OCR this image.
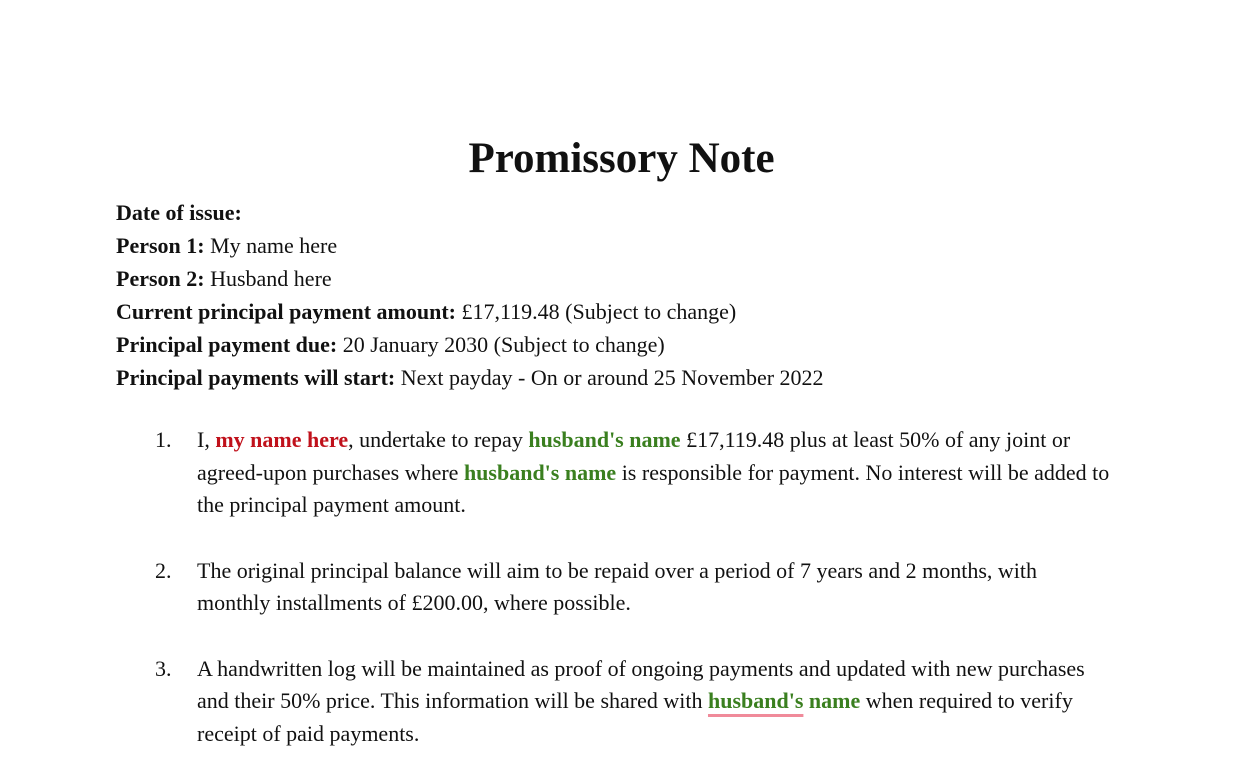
Promissory Note
Date of issue:
Person 1: My name here
Person 2: Husband here
Current principal payment amount: £17,119.48 (Subject to change)
Principal payment due: 20 January 2030 (Subject to change)
Principal payments will start: Next payday - On or around 25 November 2022
1. I, my name here, undertake to repay husband's name £17,119.48 plus at least 50% of any joint or agreed-upon purchases where husband's name is responsible for payment. No interest will be added to the principal payment amount.
2. The original principal balance will aim to be repaid over a period of 7 years and 2 months, with monthly installments of £200.00, where possible.
3. A handwritten log will be maintained as proof of ongoing payments and updated with new purchases and their 50% price. This information will be shared with husband's name when required to verify receipt of paid payments.
